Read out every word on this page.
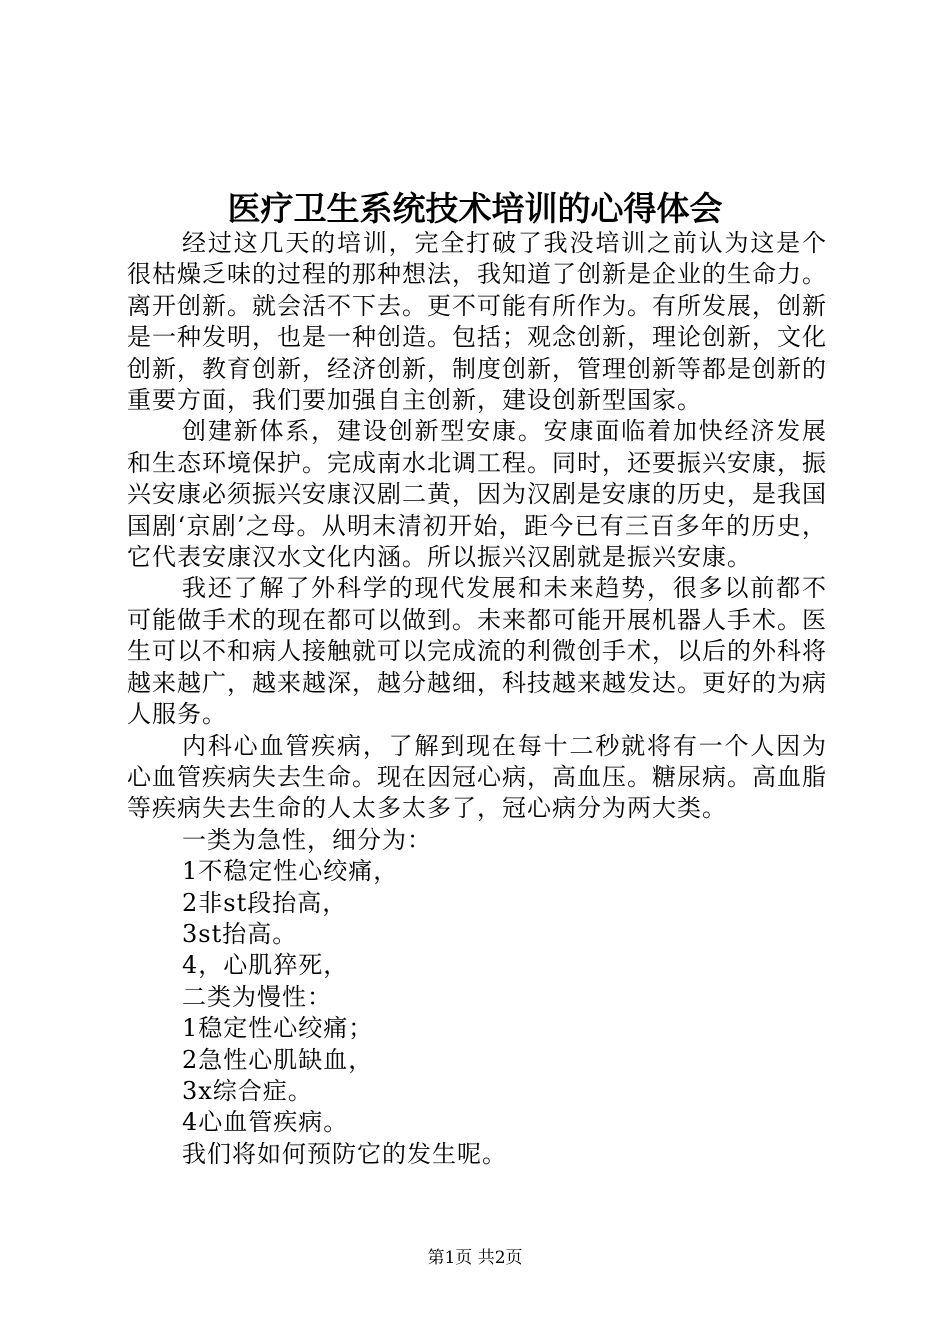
医疗卫生系统技术培训的心得体会

经过这几天的培训，完全打破了我没培训之前认为这是个很枯燥乏味的过程的那种想法，我知道了创新是企业的生命力。离开创新。就会活不下去。更不可能有所作为。有所发展，创新是一种发明，也是一种创造。包括；观念创新，理论创新，文化创新，教育创新，经济创新，制度创新，管理创新等都是创新的重要方面，我们要加强自主创新，建设创新型国家。

创建新体系，建设创新型安康。安康面临着加快经济发展和生态环境保护。完成南水北调工程。同时，还要振兴安康，振兴安康必须振兴安康汉剧二黄，因为汉剧是安康的历史，是我国国剧‘京剧’之母。从明末清初开始，距今已有三百多年的历史，它代表安康汉水文化内涵。所以振兴汉剧就是振兴安康。

我还了解了外科学的现代发展和未来趋势，很多以前都不可能做手术的现在都可以做到。未来都可能开展机器人手术。医生可以不和病人接触就可以完成流的利微创手术，以后的外科将越来越广，越来越深，越分越细，科技越来越发达。更好的为病人服务。

内科心血管疾病，了解到现在每十二秒就将有一个人因为心血管疾病失去生命。现在因冠心病，高血压。糖尿病。高血脂等疾病失去生命的人太多太多了，冠心病分为两大类。

一类为急性，细分为：
1不稳定性心绞痛，
2非st段抬高，
3st抬高。
4，心肌猝死，
二类为慢性：
1稳定性心绞痛；
2急性心肌缺血，
3x综合症。
4心血管疾病。
我们将如何预防它的发生呢。
第1页 共2页
